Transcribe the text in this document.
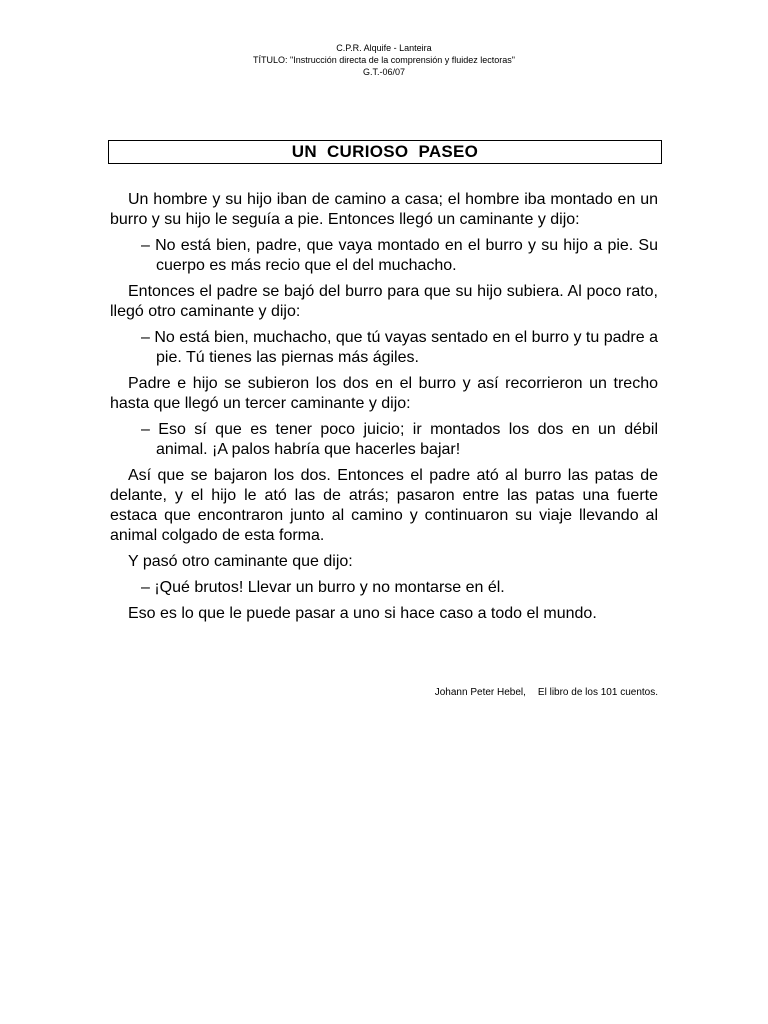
C.P.R. Alquife - Lanteira
TÍTULO: "Instrucción directa de la comprensión y fluidez lectoras"
G.T.-06/07
UN  CURIOSO  PASEO

Un hombre y su hijo iban de camino a casa; el hombre iba montado en un burro y su hijo le seguía a pie. Entonces llegó un caminante y dijo:

– No está bien, padre, que vaya montado en el burro y su hijo a pie. Su cuerpo es más recio que el del muchacho.

Entonces el padre se bajó del burro para que su hijo subiera. Al poco rato, llegó otro caminante y dijo:

– No está bien, muchacho, que tú vayas sentado en el burro y tu padre a pie. Tú tienes las piernas más ágiles.

Padre e hijo se subieron los dos en el burro y así recorrieron un trecho hasta que llegó un tercer caminante y dijo:

– Eso sí que es tener poco juicio; ir montados los dos en un débil animal. ¡A palos habría que hacerles bajar!

Así que se bajaron los dos. Entonces el padre ató al burro las patas de delante, y el hijo le ató las de atrás; pasaron entre las patas una fuerte estaca que encontraron junto al camino y continuaron su viaje llevando al animal colgado de esta forma.

Y pasó otro caminante que dijo:

– ¡Qué brutos! Llevar un burro y no montarse en él.

Eso es lo que le puede pasar a uno si hace caso a todo el mundo.

Johann Peter Hebel, El libro de los 101 cuentos.
